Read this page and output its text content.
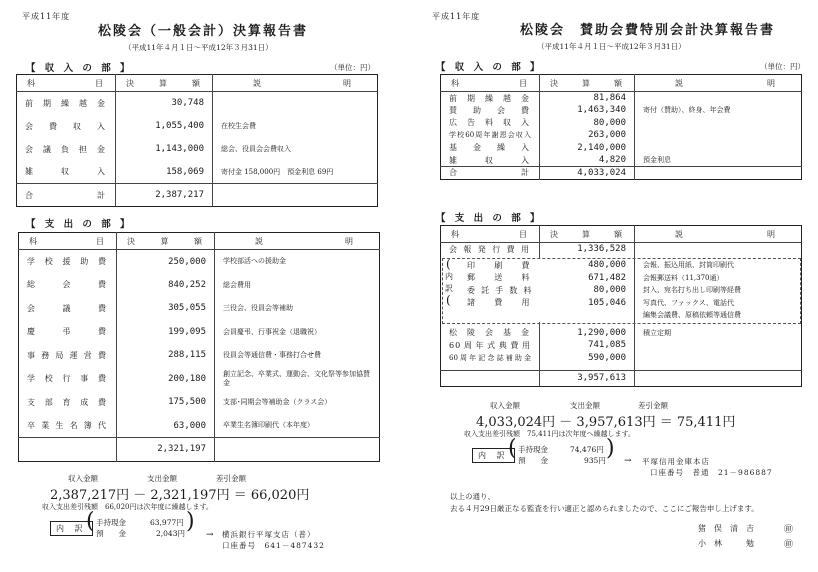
平成11年度
松陵会（一般会計）決算報告書
（平成11年４月１日～平成12年３月31日）
【 収 入 の 部 】	（単位：円）
科目	決算額	説明
前期繰越金	30,748	
会費収入	1,055,400	在校生会費
会議負担金	1,143,000	総会、役員会会費収入
雑収入	158,069	寄付金 158,000円　預金利息 69円
合計	2,387,217	
【 支 出 の 部 】
科目	決算額	説明
学校援助費	250,000	学校部活への援助金
総会費	840,252	総会費用
会議費	305,055	三役会、役員会等補助
慶弔費	199,095	会員慶弔、行事祝金（退職祝）
事務局運営費	288,115	役員会等通信費・事務打合せ費
学校行事費	200,180	創立記念、卒業式、運動会、文化祭等参加協賛金
支部育成費	175,500	支部･同期会等補助金（クラス会）
卒業生名簿代	63,000	卒業生名簿印刷代（本年度）
	2,321,197	
収入金額	支出金額	差引金額
2,387,217円 － 2,321,197円 ＝ 66,020円
収入支出差引残額　66,020円は次年度に繰越します。
内 訳 ( 手持現金	63,977円
預　　金	2,043円 )
→ 横浜銀行平塚支店（普）
口座番号　641－487432
平成11年度
松陵会　賛助会費特別会計決算報告書
（平成11年４月１日～平成12年３月31日）
【 収 入 の 部 】	（単位：円）
科目	決算額	説明
前期繰越金	81,864	
賛助会費	1,463,340	寄付（賛助）、終身、年会費
広告料収入	80,000	
学校60周年謝恩会収入	263,000	
基金繰入	2,140,000	
雑収入	4,820	預金利息
合計	4,033,024	
【 支 出 の 部 】
科目	決算額	説明
会報発行費用	1,336,528	

印刷費	480,000	会報、振込用紙、封筒印刷代
郵送料	671,482	会報郵送料（11,370通）
委託手数料	80,000	封入、宛名打ち出し印刷等経費
諸費用	105,046	写真代、ファックス、電話代
		編集会議費、原稿依頼等通信費

松陵会基金	1,290,000	積立定期
60周年式典費用	741,085	
60周年記念誌補助金	590,000	

	3,957,613	
(
内
訳
(
収入金額	支出金額	差引金額
4,033,024円 － 3,957,613円 ＝ 75,411円
収入支出差引残額　75,411円は次年度へ繰越します。
内 訳 ( 手持現金	74,476円
預　　金	935円 ) → 平塚信用金庫本店
口座番号　普通　21－986887
以上の通り、
去る４月29日厳正なる監査を行い適正と認められましたので、ここにご報告申し上げます。
猪俣清吉 ㊞
小林　勉 ㊞
